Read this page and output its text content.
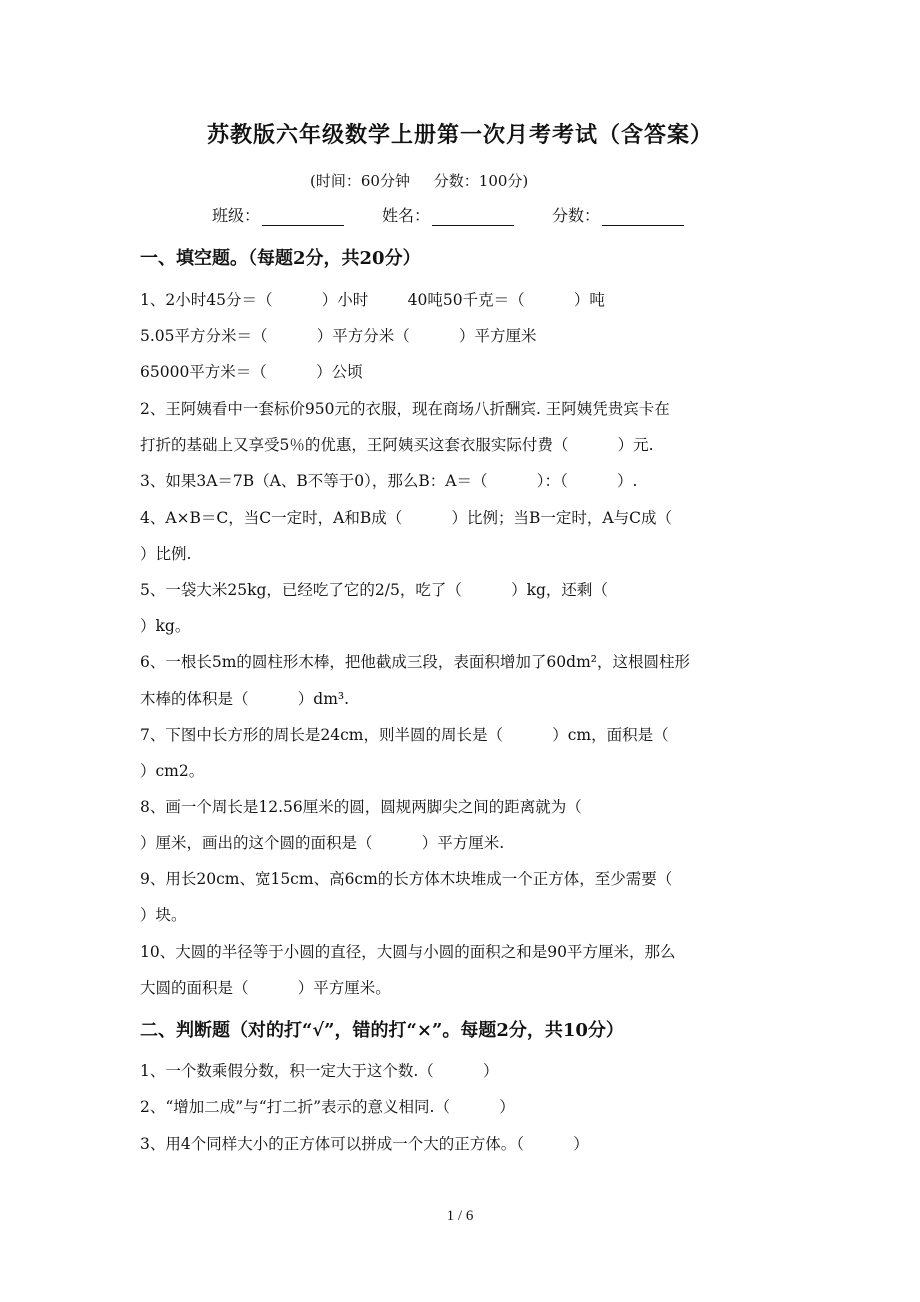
苏教版六年级数学上册第一次月考考试（含答案）
(时间：60分钟     分数：100分)
班级：	姓名：	分数：
一、填空题。（每题2分，共20分）
1、2小时45分＝（          ）小时        40吨50千克＝（          ）吨
5.05平方分米＝（          ）平方分米（          ）平方厘米
65000平方米＝（          ）公顷
2、王阿姨看中一套标价950元的衣服，现在商场八折酬宾. 王阿姨凭贵宾卡在
打折的基础上又享受5％的优惠，王阿姨买这套衣服实际付费（          ）元.
3、如果3A＝7B（A、B不等于0），那么B：A＝（          ）：（          ）.
4、A×B＝C，当C一定时，A和B成（          ）比例；当B一定时，A与C成（
）比例.
5、一袋大米25kg，已经吃了它的2/5，吃了（          ）kg，还剩（
）kg。
6、一根长5m的圆柱形木棒，把他截成三段，表面积增加了60dm²，这根圆柱形
木棒的体积是（          ）dm³.
7、下图中长方形的周长是24cm，则半圆的周长是（          ）cm，面积是（
）cm2。
8、画一个周长是12.56厘米的圆，圆规两脚尖之间的距离就为（
）厘米，画出的这个圆的面积是（          ）平方厘米.
9、用长20cm、宽15cm、高6cm的长方体木块堆成一个正方体，至少需要（
）块。
10、大圆的半径等于小圆的直径，大圆与小圆的面积之和是90平方厘米，那么
大圆的面积是（          ）平方厘米。
二、判断题（对的打“√”，错的打“×”。每题2分，共10分）
1、一个数乘假分数，积一定大于这个数.（          ）
2、“增加二成”与“打二折”表示的意义相同.（          ）
3、用4个同样大小的正方体可以拼成一个大的正方体。（          ）
1 / 6
